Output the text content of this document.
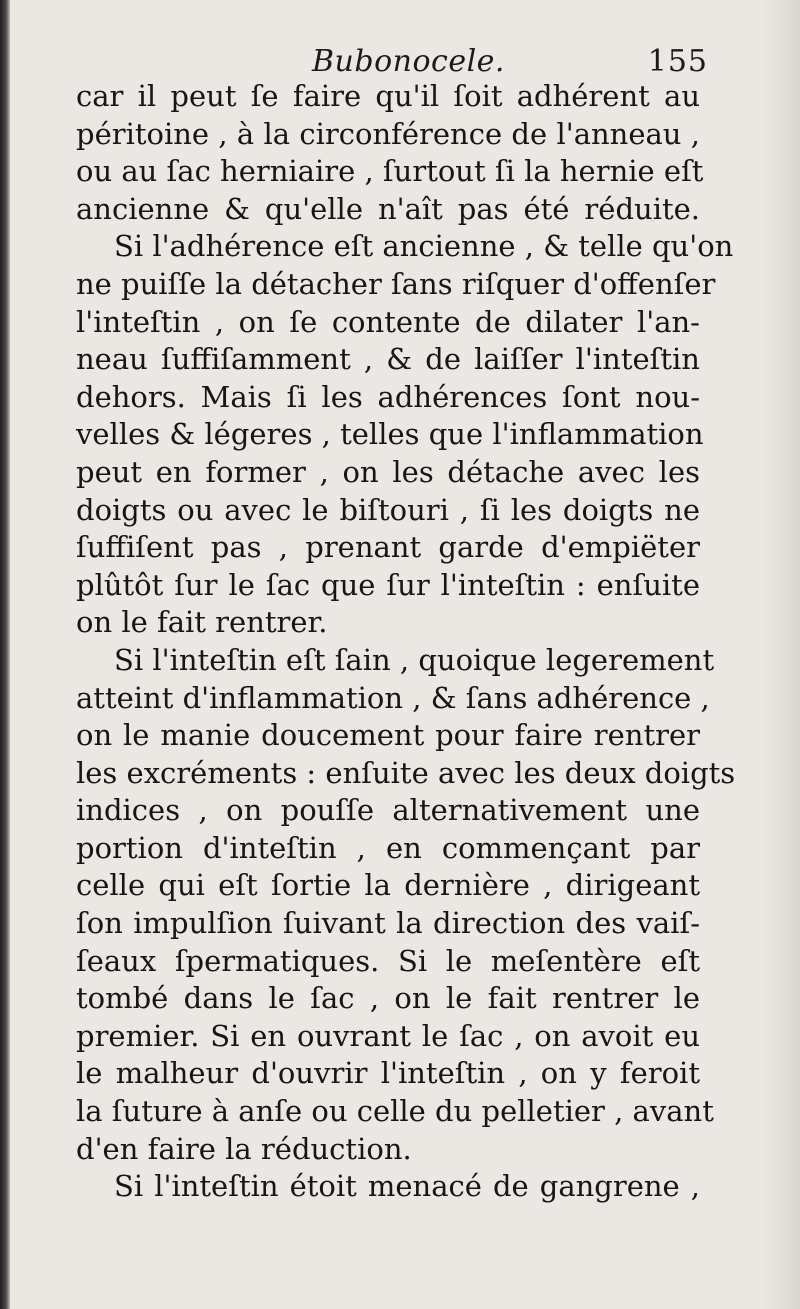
Bubonocele.	155
car il peut ſe faire qu'il ſoit adhérent au
péritoine , à la circonférence de l'anneau ,
ou au ſac herniaire , ſurtout ſi la hernie eſt
ancienne & qu'elle n'aît pas été réduite.
Si l'adhérence eſt ancienne , & telle qu'on
ne puiſſe la détacher ſans riſquer d'offenſer
l'inteſtin , on ſe contente de dilater l'an-
neau ſuffiſamment , & de laiſſer l'inteſtin
dehors. Mais ſi les adhérences ſont nou-
velles & légeres , telles que l'inflammation
peut en former , on les détache avec les
doigts ou avec le biſtouri , ſi les doigts ne
ſuffiſent pas , prenant garde d'empiëter
plûtôt ſur le ſac que ſur l'inteſtin : enſuite
on le fait rentrer.
Si l'inteſtin eſt ſain , quoique legerement
atteint d'inflammation , & ſans adhérence ,
on le manie doucement pour faire rentrer
les excréments : enſuite avec les deux doigts
indices , on pouſſe alternativement une
portion d'inteſtin , en commençant par
celle qui eſt ſortie la dernière , dirigeant
ſon impulſion ſuivant la direction des vaiſ-
ſeaux ſpermatiques. Si le meſentère eſt
tombé dans le ſac , on le fait rentrer le
premier. Si en ouvrant le ſac , on avoit eu
le malheur d'ouvrir l'inteſtin , on y feroit
la ſuture à anſe ou celle du pelletier , avant
d'en faire la réduction.
Si l'inteſtin étoit menacé de gangrene ,
